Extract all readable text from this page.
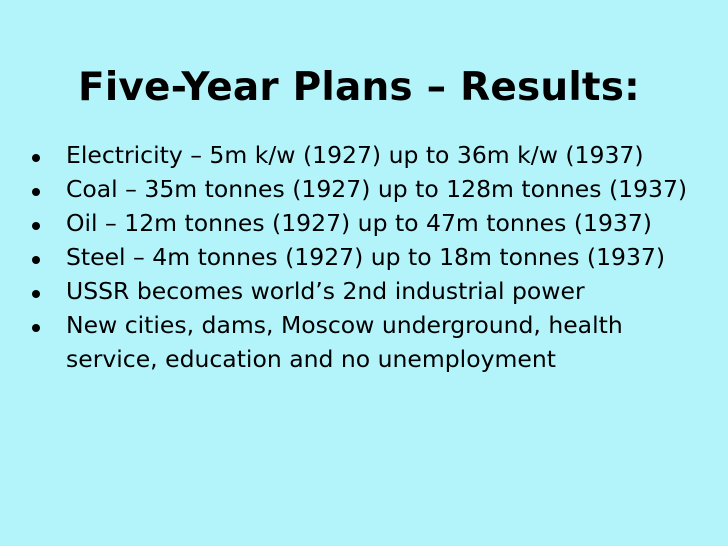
Five-Year Plans – Results:
Electricity – 5m k/w (1927) up to 36m k/w (1937)
Coal – 35m tonnes (1927) up to 128m tonnes (1937)
Oil – 12m tonnes (1927) up to 47m tonnes (1937)
Steel – 4m tonnes (1927) up to 18m tonnes (1937)
USSR becomes world’s 2nd industrial power
New cities, dams, Moscow underground, health service, education and no unemployment
